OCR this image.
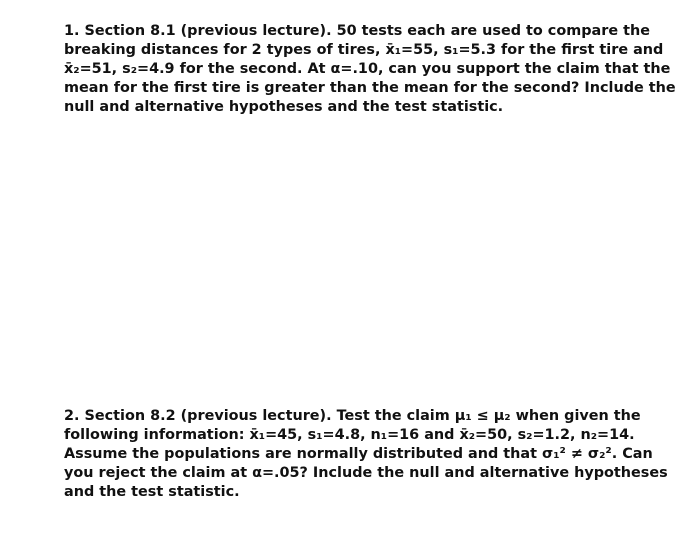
1. Section 8.1 (previous lecture). 50 tests each are used to compare the
breaking distances for 2 types of tires, x̄₁=55, s₁=5.3 for the first tire and
x̄₂=51, s₂=4.9 for the second. At α=.10, can you support the claim that the
mean for the first tire is greater than the mean for the second? Include the
null and alternative hypotheses and the test statistic.
2. Section 8.2 (previous lecture). Test the claim μ₁ ≤ μ₂ when given the
following information: x̄₁=45, s₁=4.8, n₁=16 and x̄₂=50, s₂=1.2, n₂=14.
Assume the populations are normally distributed and that σ₁² ≠ σ₂². Can
you reject the claim at α=.05? Include the null and alternative hypotheses
and the test statistic.
